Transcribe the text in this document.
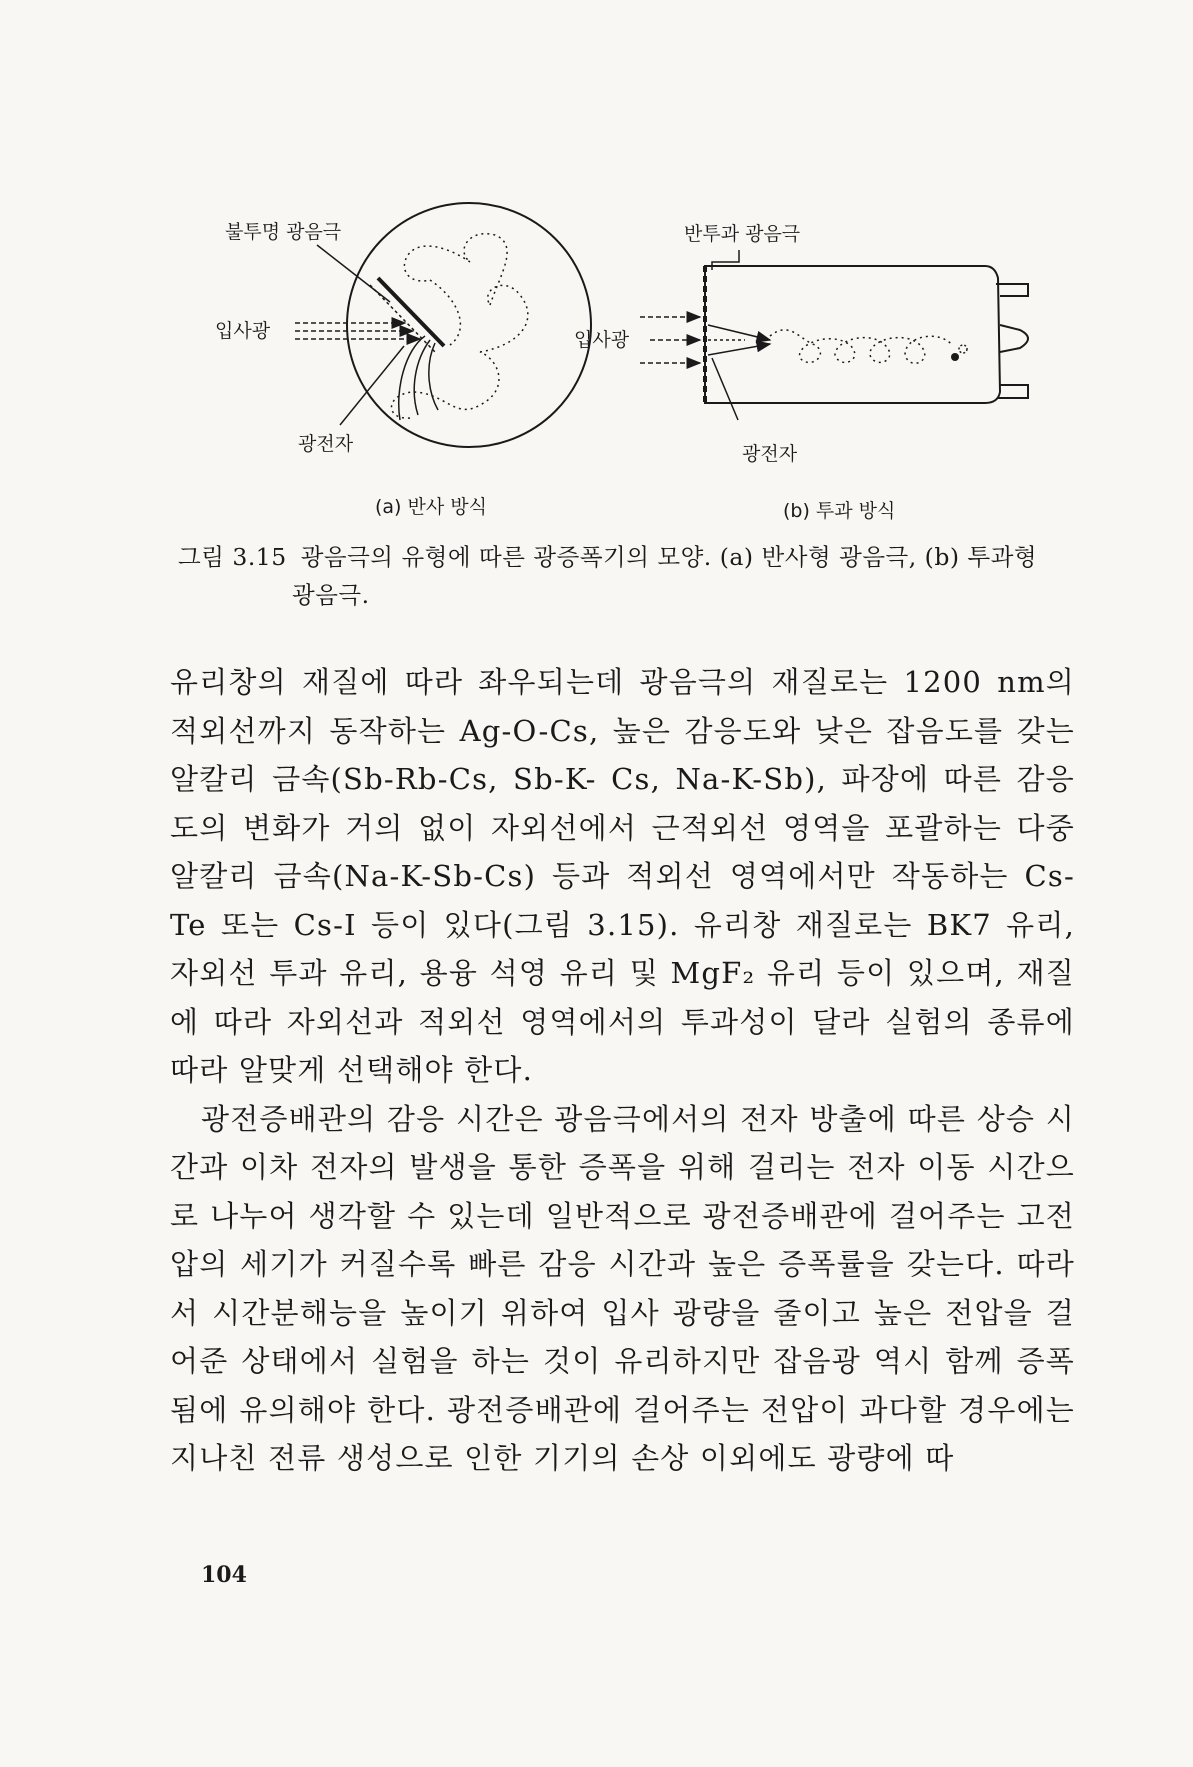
불투명 광음극
입사광
광전자
반투과 광음극
입사광
광전자
(a) 반사 방식	(b) 투과 방식
그림 3.15 광음극의 유형에 따른 광증폭기의 모양. (a) 반사형 광음극, (b) 투과형
광음극.

유리창의 재질에 따라 좌우되는데 광음극의 재질로는 1200 nm의 적외선까지 동작하는 Ag-O-Cs, 높은 감응도와 낮은 잡음도를 갖는 알칼리 금속(Sb-Rb-Cs, Sb-K- Cs, Na-K-Sb), 파장에 따른 감응도의 변화가 거의 없이 자외선에서 근적외선 영역을 포괄하는 다중 알칼리 금속(Na-K-Sb-Cs) 등과 적외선 영역에서만 작동하는 Cs-Te 또는 Cs-I 등이 있다(그림 3.15). 유리창 재질로는 BK7 유리, 자외선 투과 유리, 용융 석영 유리 및 MgF₂ 유리 등이 있으며, 재질에 따라 자외선과 적외선 영역에서의 투과성이 달라 실험의 종류에 따라 알맞게 선택해야 한다.

광전증배관의 감응 시간은 광음극에서의 전자 방출에 따른 상승 시간과 이차 전자의 발생을 통한 증폭을 위해 걸리는 전자 이동 시간으로 나누어 생각할 수 있는데 일반적으로 광전증배관에 걸어주는 고전압의 세기가 커질수록 빠른 감응 시간과 높은 증폭률을 갖는다. 따라서 시간분해능을 높이기 위하여 입사 광량을 줄이고 높은 전압을 걸어준 상태에서 실험을 하는 것이 유리하지만 잡음광 역시 함께 증폭됨에 유의해야 한다. 광전증배관에 걸어주는 전압이 과다할 경우에는 지나친 전류 생성으로 인한 기기의 손상 이외에도 광량에 따

104
